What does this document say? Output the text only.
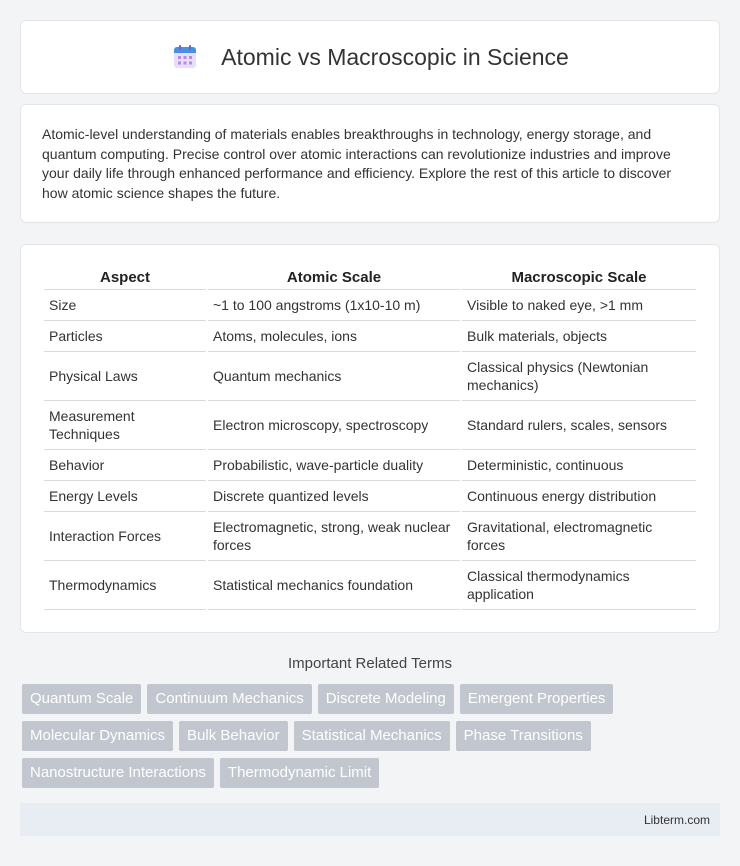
Atomic vs Macroscopic in Science

Atomic-level understanding of materials enables breakthroughs in technology, energy storage, and quantum computing. Precise control over atomic interactions can revolutionize industries and improve your daily life through enhanced performance and efficiency. Explore the rest of this article to discover how atomic science shapes the future.

Aspect	Atomic Scale	Macroscopic Scale
Size	~1 to 100 angstroms (1x10-10 m)	Visible to naked eye, >1 mm
Particles	Atoms, molecules, ions	Bulk materials, objects
Physical Laws	Quantum mechanics	Classical physics (Newtonian mechanics)
Measurement Techniques	Electron microscopy, spectroscopy	Standard rulers, scales, sensors
Behavior	Probabilistic, wave-particle duality	Deterministic, continuous
Energy Levels	Discrete quantized levels	Continuous energy distribution
Interaction Forces	Electromagnetic, strong, weak nuclear forces	Gravitational, electromagnetic forces
Thermodynamics	Statistical mechanics foundation	Classical thermodynamics application
Important Related Terms
Quantum Scale	Continuum Mechanics	Discrete Modeling	Emergent Properties
Molecular Dynamics	Bulk Behavior	Statistical Mechanics	Phase Transitions
Nanostructure Interactions	Thermodynamic Limit
Libterm.com
